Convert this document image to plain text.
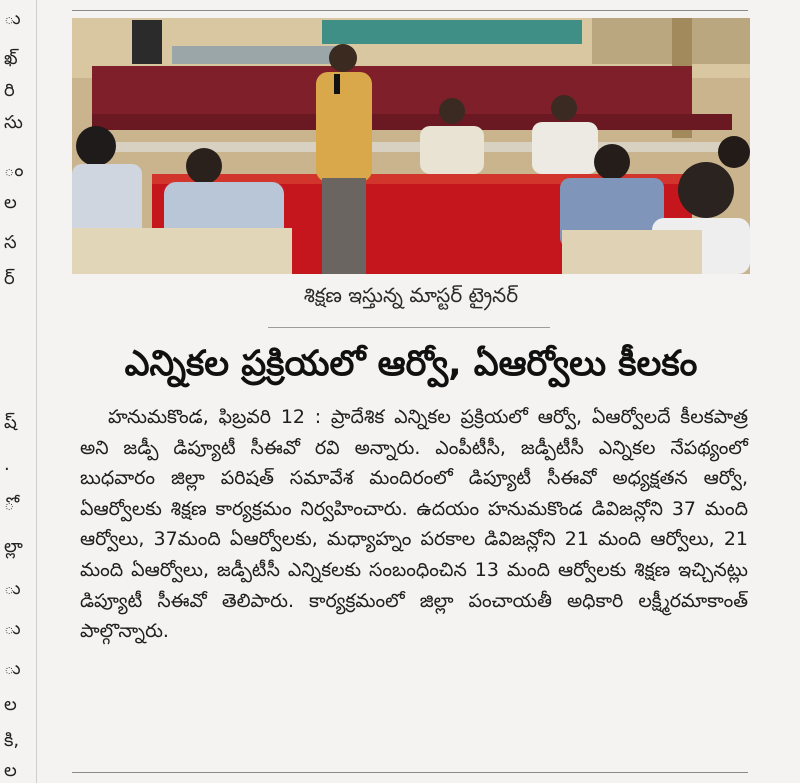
ు
ఖ్
రి
సు
ం
ల
స
ర్
ష్
.
ో
ల్లా
ు
ు
ు
ల
కి,
ల
శిక్షణ ఇస్తున్న మాస్టర్ ట్రైనర్
ఎన్నికల ప్రక్రియలో ఆర్వో, ఏఆర్వోలు కీలకం

హనుమకొండ, ఫిబ్రవరి 12 : ప్రాదేశిక ఎన్నికల ప్రక్రియలో ఆర్వో, ఏఆర్వోలదే కీలకపాత్ర అని జడ్పీ డిప్యూటీ సీఈవో రవి అన్నారు. ఎంపీటీసీ, జడ్పీటీసీ ఎన్నికల నేపథ్యంలో బుధవారం జిల్లా పరిషత్ సమావేశ మందిరంలో డిప్యూటీ సీఈవో అధ్యక్షతన ఆర్వో, ఏఆర్వోలకు శిక్షణ కార్యక్రమం నిర్వహించారు. ఉదయం హనుమకొండ డివిజన్లోని 37 మంది ఆర్వోలు, 37మంది ఏఆర్వోలకు, మధ్యాహ్నం పరకాల డివిజన్లోని 21 మంది ఆర్వోలు, 21 మంది ఏఆర్వోలు, జడ్పీటీసీ ఎన్నికలకు సంబంధించిన 13 మంది ఆర్వోలకు శిక్షణ ఇచ్చినట్లు డిప్యూటీ సీఈవో తెలిపారు. కార్యక్రమంలో జిల్లా పంచాయతీ అధికారి లక్ష్మీరమాకాంత్ పాల్గొన్నారు.
